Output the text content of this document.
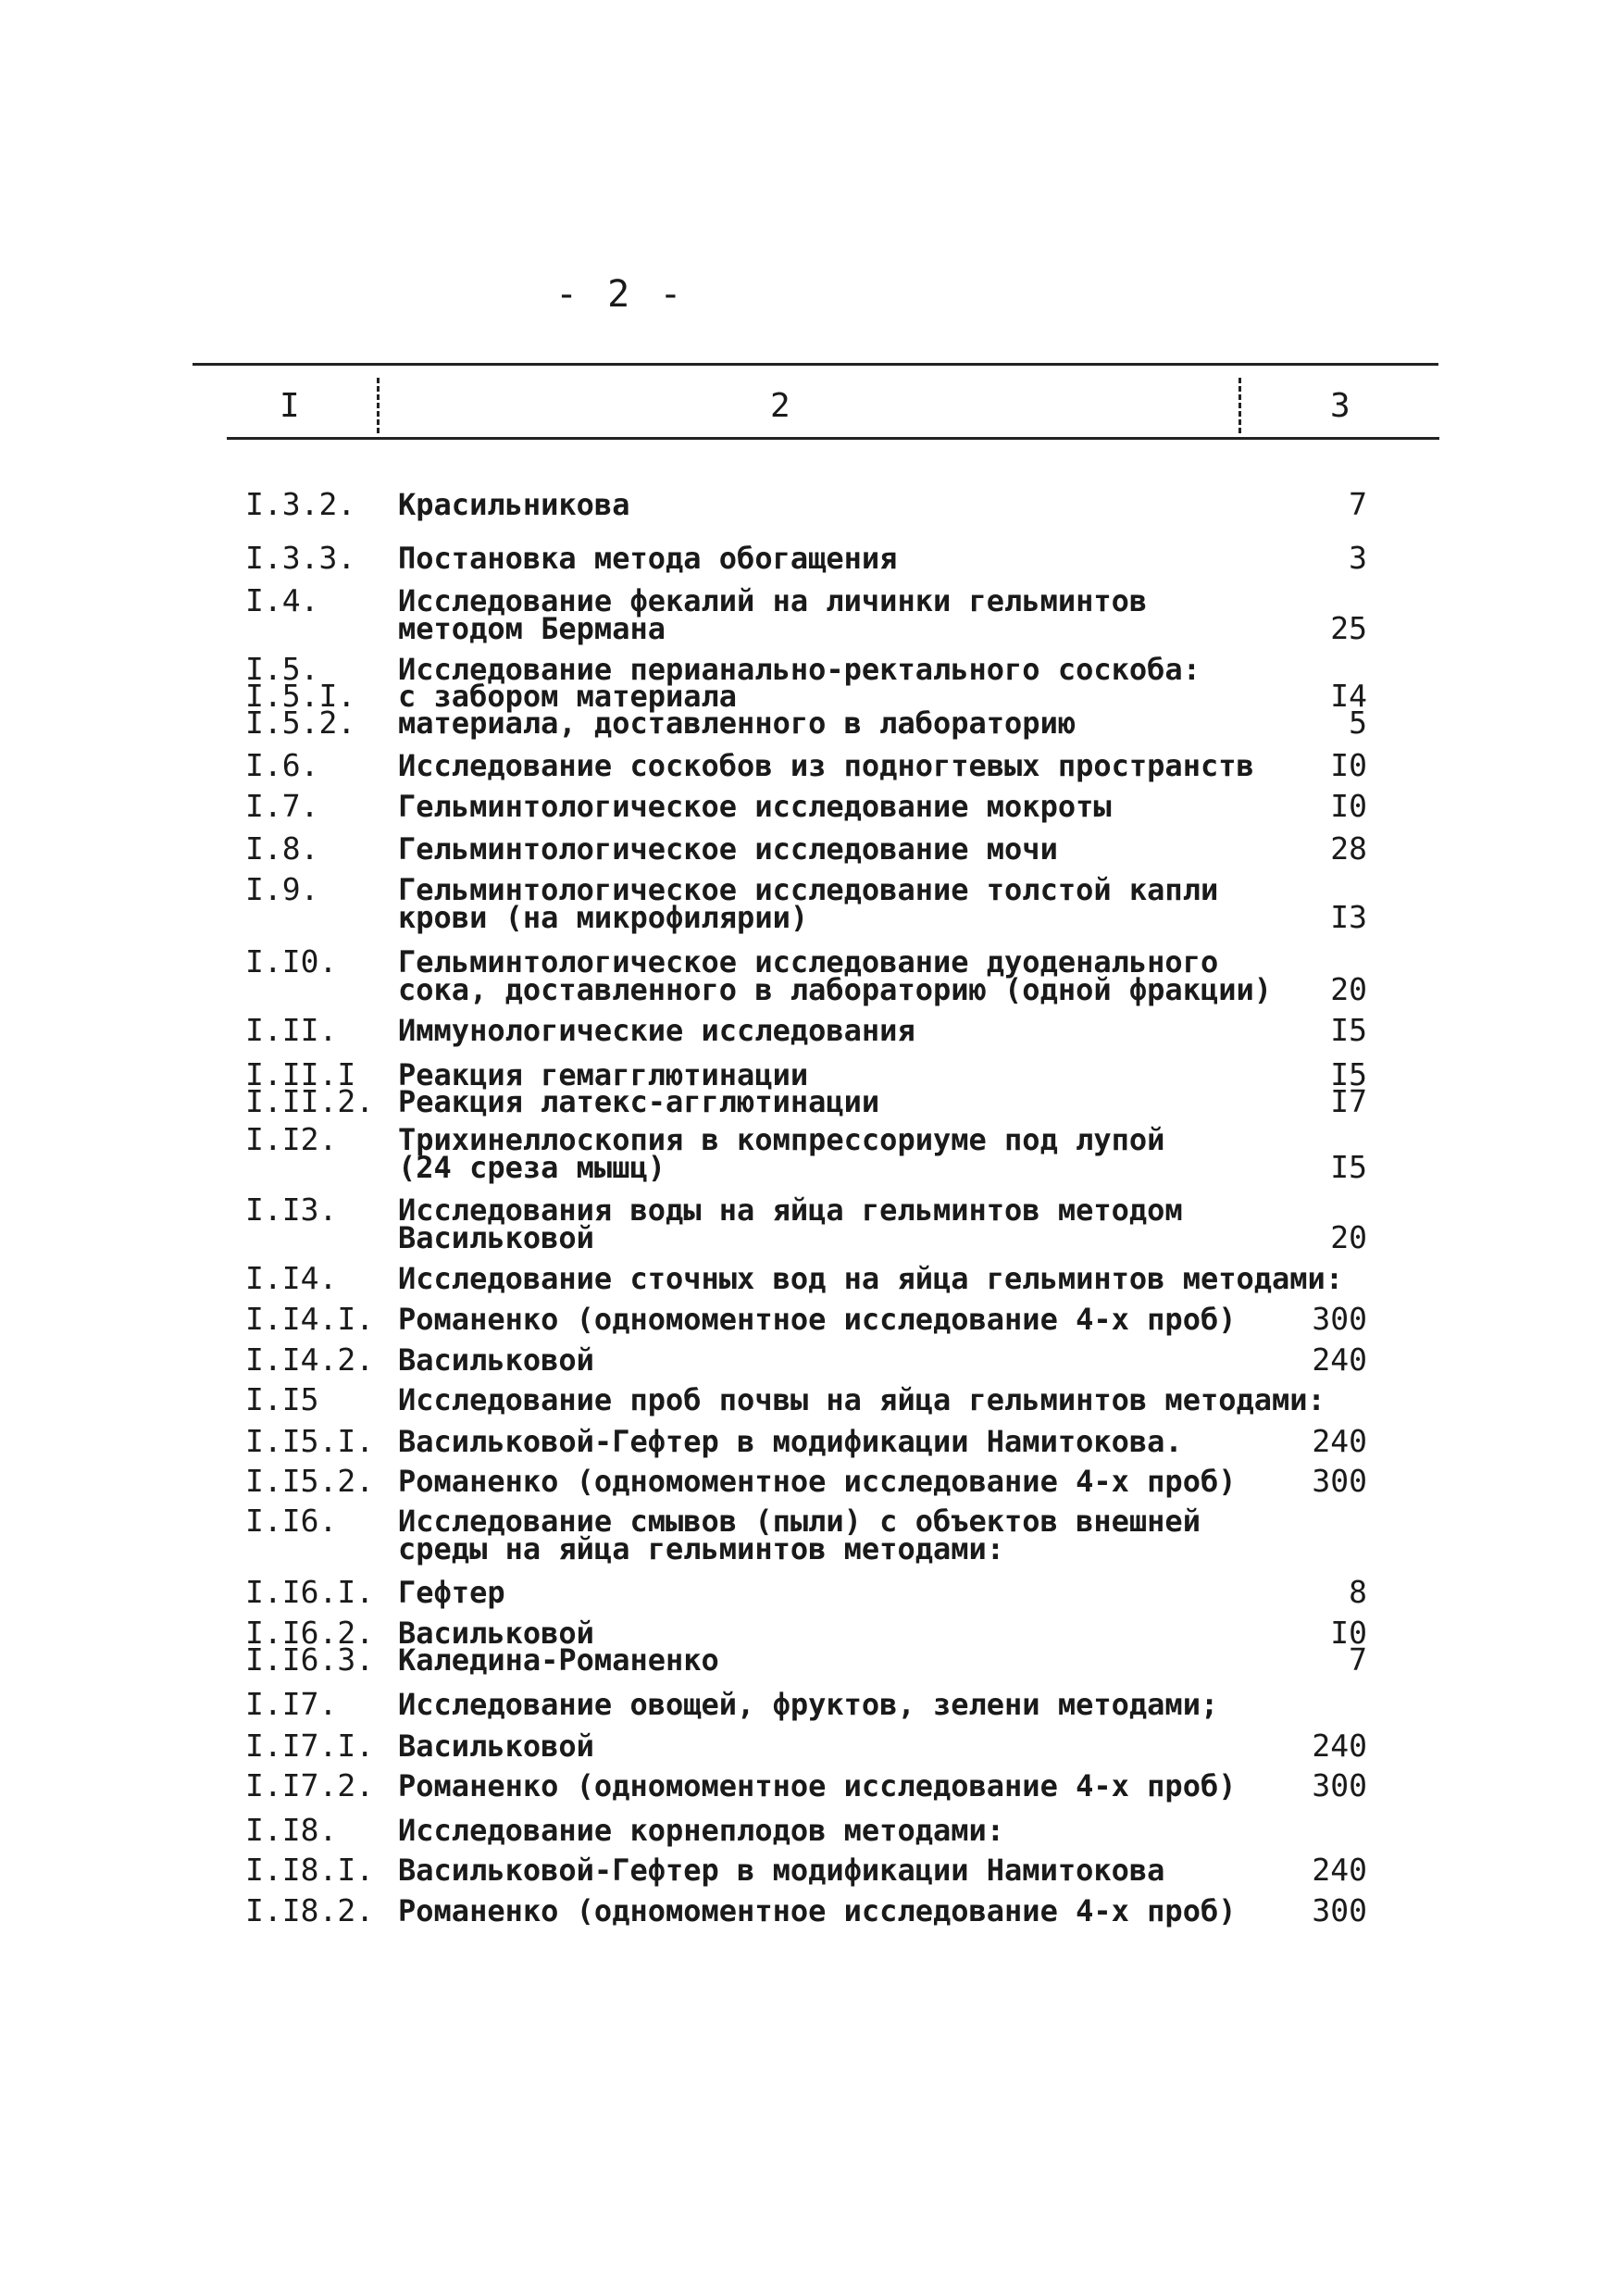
- 2 -
I	2	3
I.3.2. Красильникова	7
I.3.3. Постановка метода обогащения	3
I.4.	Исследование фекалий на личинки гельминтов
методом Бермана	25
I.5.	Исследование перианально-ректального соскоба:
I.5.I. с забором материала	I4
I.5.2. материала, доставленного в лабораторию	5
I.6.	Исследование соскобов из подногтевых пространств	I0
I.7.	Гельминтологическое исследование мокроты	I0
I.8.	Гельминтологическое исследование мочи	28
I.9.	Гельминтологическое исследование толстой капли
крови (на микрофилярии)	I3
I.I0. Гельминтологическое исследование дуоденального
сока, доставленного в лабораторию (одной фракции)	20
I.II. Иммунологические исследования	I5
I.II.I Реакция гемагглютинации	I5
I.II.2. Реакция латекс-агглютинации	I7
I.I2. Трихинеллоскопия в компрессориуме под лупой
(24 среза мышц)	I5
I.I3. Исследования воды на яйца гельминтов методом
Васильковой	20
I.I4. Исследование сточных вод на яйца гельминтов методами:
I.I4.I. Романенко (одномоментное исследование 4-х проб)	300
I.I4.2. Васильковой	240
I.I5	Исследование проб почвы на яйца гельминтов методами:
I.I5.I. Васильковой-Гефтер в модификации Намитокова.	240
I.I5.2. Романенко (одномоментное исследование 4-х проб)	300
I.I6. Исследование смывов (пыли) с объектов внешней
среды на яйца гельминтов методами:
I.I6.I. Гефтер	8
I.I6.2. Васильковой	I0
I.I6.3. Каледина-Романенко	7
I.I7. Исследование овощей, фруктов, зелени методами;
I.I7.I. Васильковой	240
I.I7.2. Романенко (одномоментное исследование 4-х проб)	300
I.I8. Исследование корнеплодов методами:
I.I8.I. Васильковой-Гефтер в модификации Намитокова	240
I.I8.2. Романенко (одномоментное исследование 4-х проб)	300
